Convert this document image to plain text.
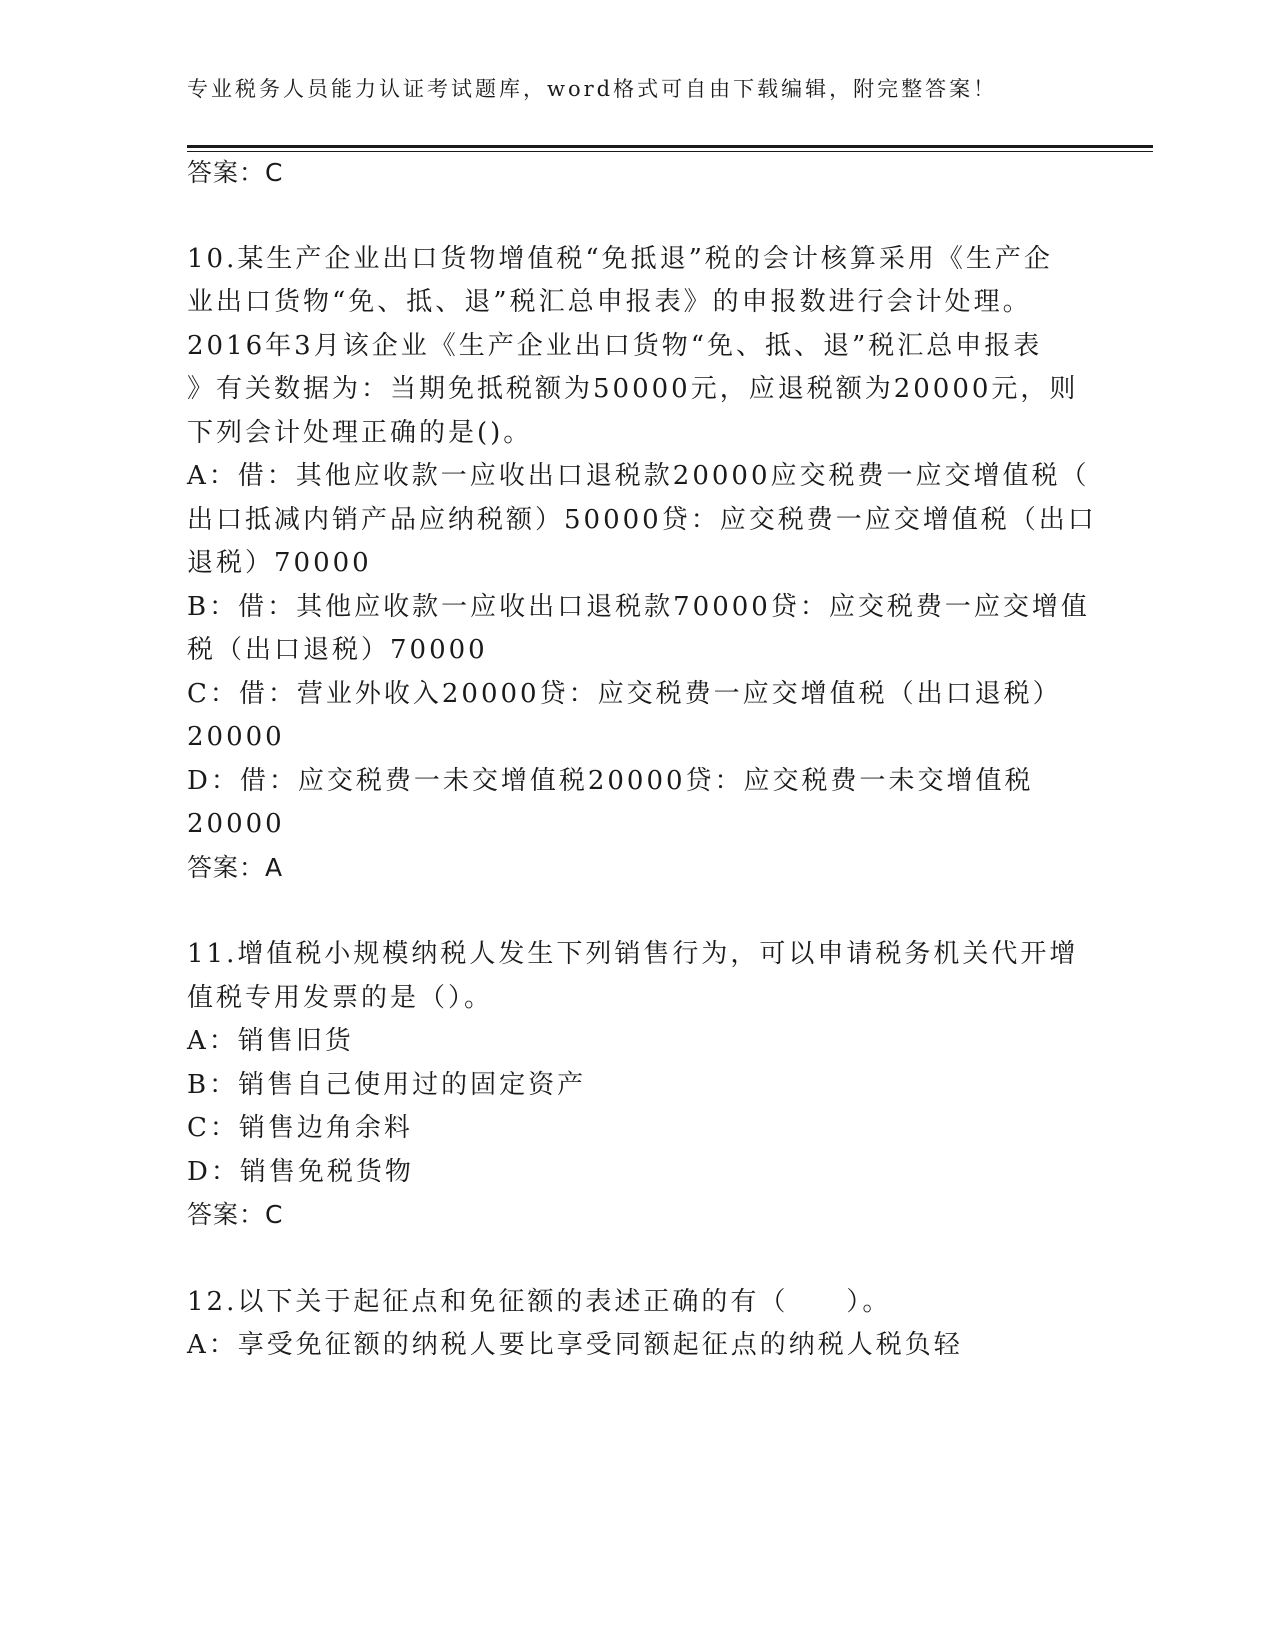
专业税务人员能力认证考试题库，word格式可自由下载编辑，附完整答案！
答案：C
10.某生产企业出口货物增值税“免抵退”税的会计核算采用《生产企
业出口货物“免、抵、退”税汇总申报表》的申报数进行会计处理。
2016年3月该企业《生产企业出口货物“免、抵、退”税汇总申报表
》有关数据为：当期免抵税额为50000元，应退税额为20000元，则
下列会计处理正确的是()。
A：借：其他应收款一应收出口退税款20000应交税费一应交增值税（
出口抵减内销产品应纳税额）50000贷：应交税费一应交增值税（出口
退税）70000
B：借：其他应收款一应收出口退税款70000贷：应交税费一应交增值
税（出口退税）70000
C：借：营业外收入20000贷：应交税费一应交增值税（出口退税）
20000
D：借：应交税费一未交增值税20000贷：应交税费一未交增值税
20000
答案：A
11.增值税小规模纳税人发生下列销售行为，可以申请税务机关代开增
值税专用发票的是（）。
A：销售旧货
B：销售自己使用过的固定资产
C：销售边角余料
D：销售免税货物
答案：C
12.以下关于起征点和免征额的表述正确的有（　　）。
A：享受免征额的纳税人要比享受同额起征点的纳税人税负轻
